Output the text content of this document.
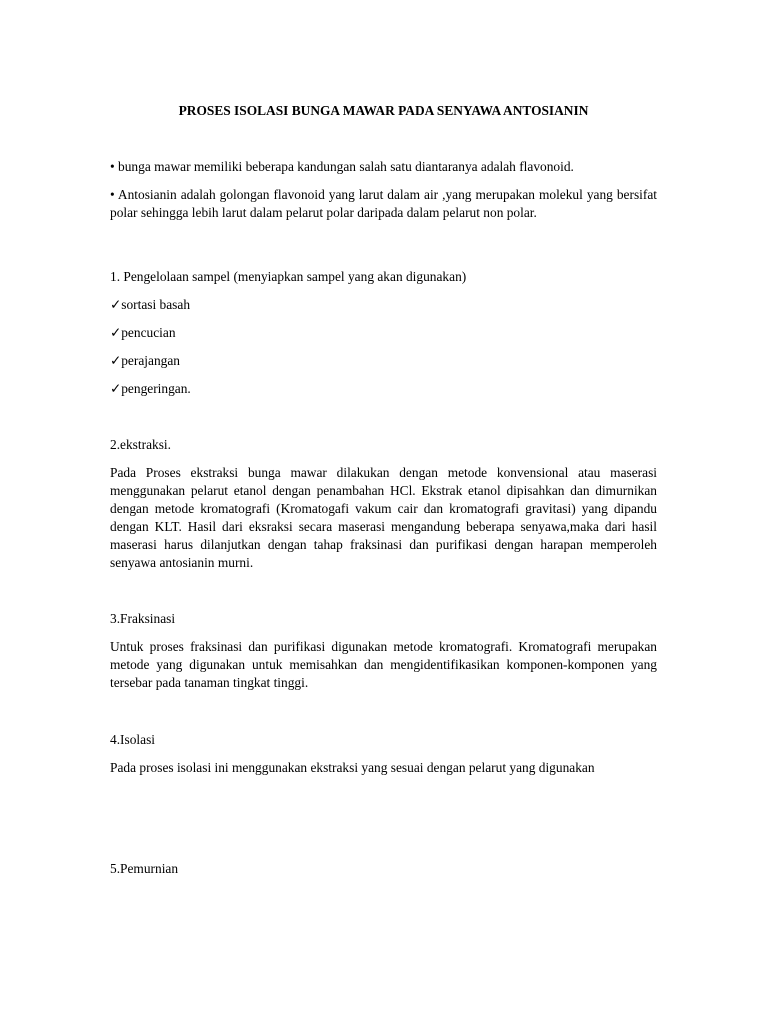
PROSES ISOLASI BUNGA MAWAR PADA SENYAWA ANTOSIANIN

• bunga mawar memiliki beberapa kandungan salah satu diantaranya adalah flavonoid.

• Antosianin adalah golongan flavonoid yang larut dalam air ,yang merupakan molekul yang bersifat polar sehingga lebih larut dalam pelarut polar daripada dalam pelarut non polar.

1. Pengelolaan sampel (menyiapkan sampel yang akan digunakan)

✓sortasi basah

✓pencucian

✓perajangan

✓pengeringan.

2.ekstraksi.

Pada Proses ekstraksi bunga mawar dilakukan dengan metode konvensional atau maserasi menggunakan pelarut etanol dengan penambahan HCl. Ekstrak etanol dipisahkan dan dimurnikan dengan metode kromatografi (Kromatogafi vakum cair dan kromatografi gravitasi) yang dipandu dengan KLT. Hasil dari eksraksi secara maserasi mengandung beberapa senyawa,maka dari hasil maserasi harus dilanjutkan dengan tahap fraksinasi dan purifikasi dengan harapan memperoleh senyawa antosianin murni.

3.Fraksinasi

Untuk proses fraksinasi dan purifikasi digunakan metode kromatografi. Kromatografi merupakan metode yang digunakan untuk memisahkan dan mengidentifikasikan komponen-komponen yang tersebar pada tanaman tingkat tinggi.

4.Isolasi

Pada proses isolasi ini menggunakan ekstraksi yang sesuai dengan pelarut yang digunakan

5.Pemurnian
